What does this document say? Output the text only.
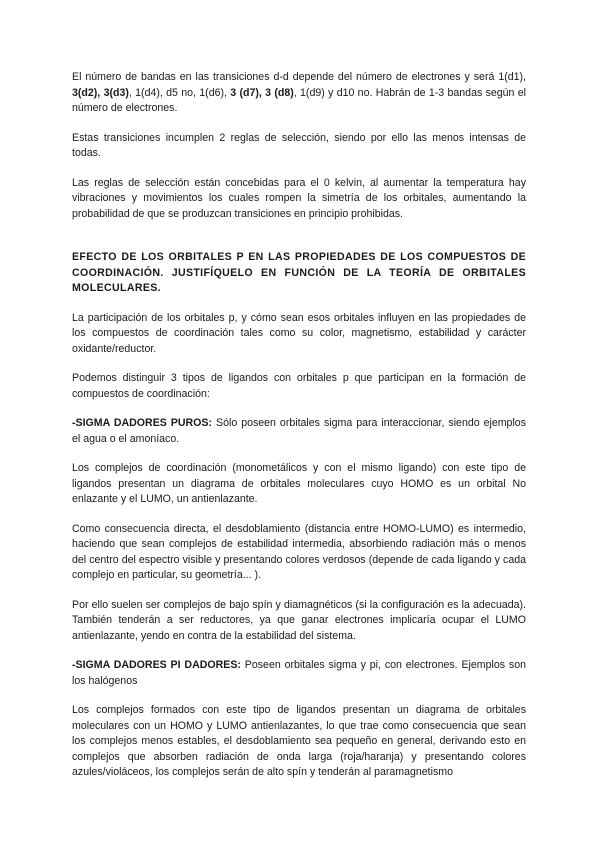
El número de bandas en las transiciones d-d depende del número de electrones y será 1(d1), 3(d2), 3(d3), 1(d4), d5 no, 1(d6), 3 (d7), 3 (d8), 1(d9) y d10 no. Habrán de 1-3 bandas según el número de electrones.

Estas transiciones incumplen 2 reglas de selección, siendo por ello las menos intensas de todas.

Las reglas de selección están concebidas para el 0 kelvin, al aumentar la temperatura hay vibraciones y movimientos los cuales rompen la simetría de los orbitales, aumentando la probabilidad de que se produzcan transiciones en principio prohibidas.

EFECTO DE LOS ORBITALES P EN LAS PROPIEDADES DE LOS COMPUESTOS DE COORDINACIÓN. JUSTIFÍQUELO EN FUNCIÓN DE LA TEORÍA DE ORBITALES MOLECULARES.

La participación de los orbitales p, y cómo sean esos orbitales influyen en las propiedades de los compuestos de coordinación tales como su color, magnetismo, estabilidad y carácter oxidante/reductor.

Podemos distinguir 3 tipos de ligandos con orbitales p que participan en la formación de compuestos de coordinación:

-SIGMA DADORES PUROS: Sólo poseen orbitales sigma para interaccionar, siendo ejemplos el agua o el amoníaco.

Los complejos de coordinación (monometálicos y con el mismo ligando) con este tipo de ligandos presentan un diagrama de orbitales moleculares cuyo HOMO es un orbital No enlazante y el LUMO, un antienlazante.

Como consecuencia directa, el desdoblamiento (distancia entre HOMO-LUMO) es intermedio, haciendo que sean complejos de estabilidad intermedia, absorbiendo radiación más o menos del centro del espectro visible y presentando colores verdosos (depende de cada ligando y cada complejo en particular, su geometría... ).

Por ello suelen ser complejos de bajo spín y diamagnéticos (si la configuración es la adecuada). También tenderán a ser reductores, ya que ganar electrones implicaría ocupar el LUMO antienlazante, yendo en contra de la estabilidad del sistema.

-SIGMA DADORES PI DADORES: Poseen orbitales sigma y pi, con electrones. Ejemplos son los halógenos

Los complejos formados con este tipo de ligandos presentan un diagrama de orbitales moleculares con un HOMO y LUMO antienlazantes, lo que trae como consecuencia que sean los complejos menos estables, el desdoblamiento sea pequeño en general, derivando esto en complejos que absorben radiación de onda larga (roja/haranja) y presentando colores azules/violáceos, los complejos serán de alto spín y tenderán al paramagnetismo
